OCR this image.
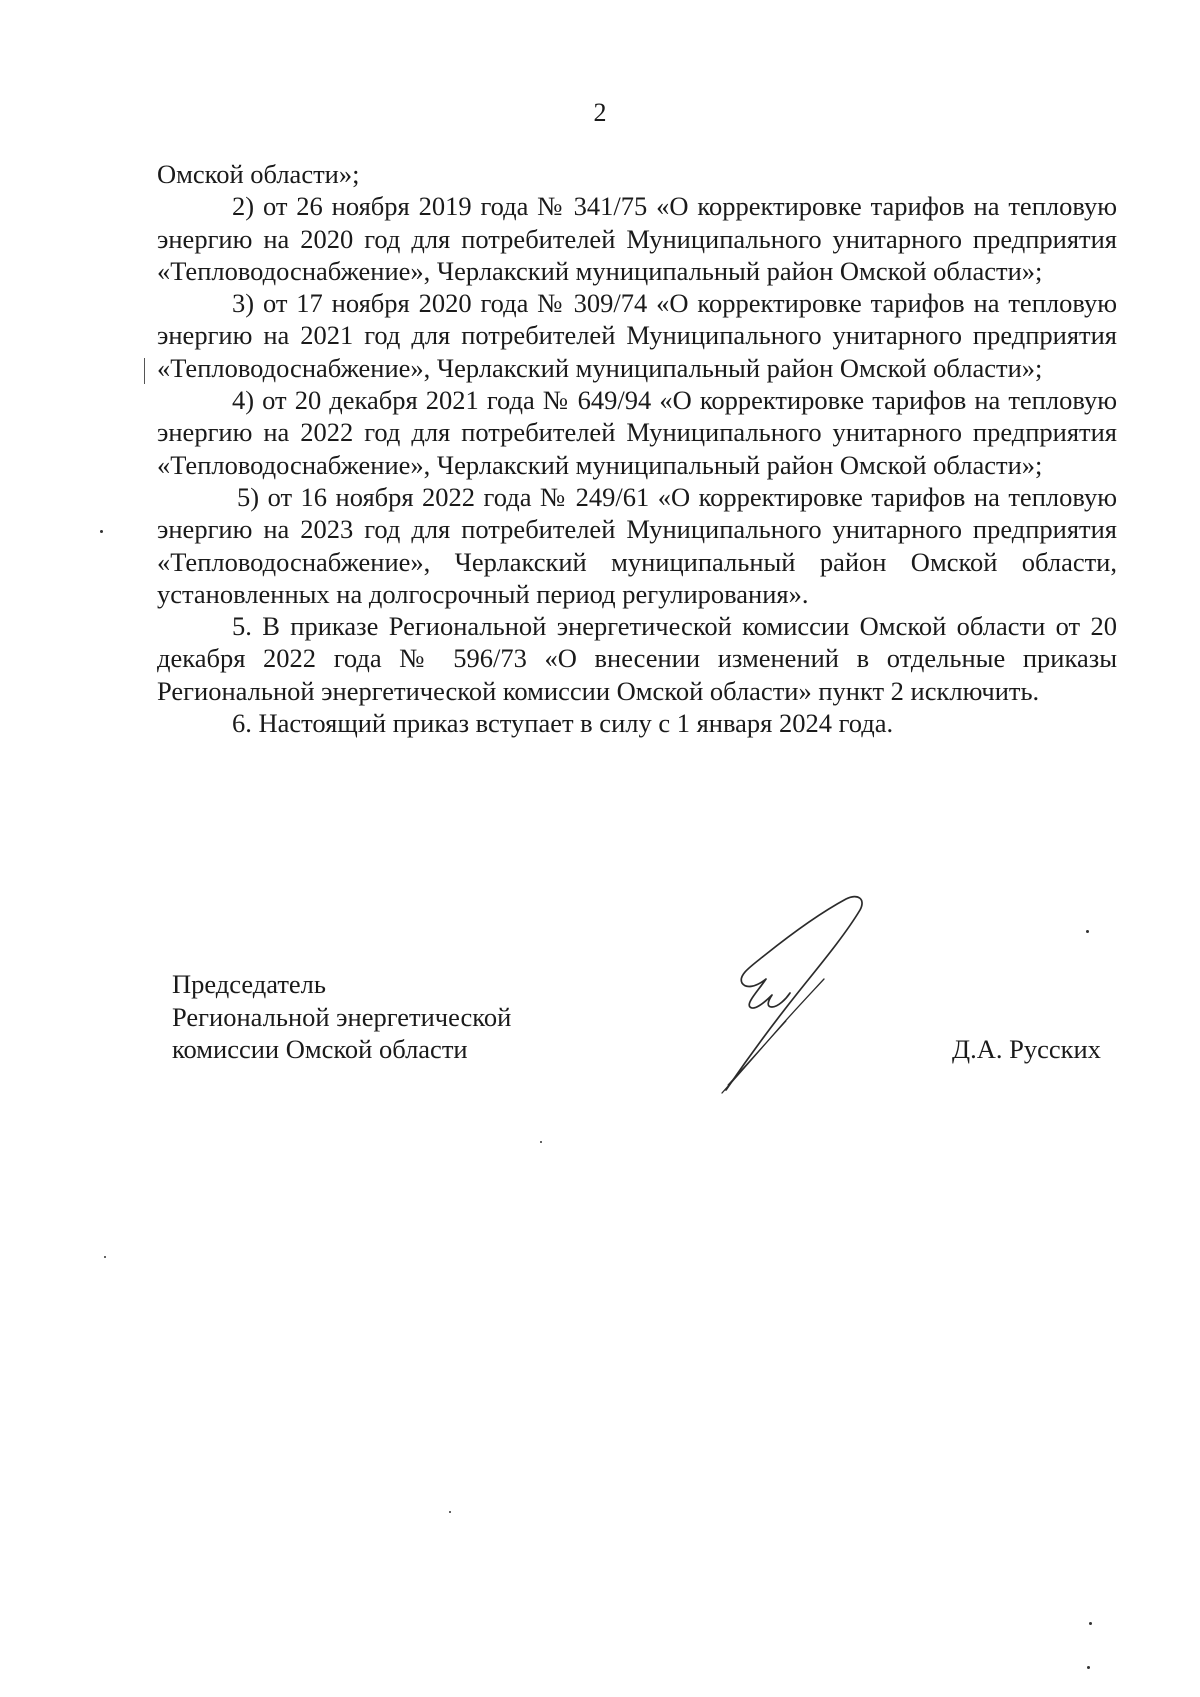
2

Омской области»;

2) от 26 ноября 2019 года № 341/75 «О корректировке тарифов на тепловую энергию на 2020 год для потребителей Муниципального унитарного предприятия «Тепловодоснабжение», Черлакский муниципальный район Омской области»;

3) от 17 ноября 2020 года № 309/74 «О корректировке тарифов на тепловую энергию на 2021 год для потребителей Муниципального унитарного предприятия «Тепловодоснабжение», Черлакский муниципальный район Омской области»;

4) от 20 декабря 2021 года № 649/94 «О корректировке тарифов на тепловую энергию на 2022 год для потребителей Муниципального унитарного предприятия «Тепловодоснабжение», Черлакский муниципальный район Омской области»;

5) от 16 ноября 2022 года № 249/61 «О корректировке тарифов на тепловую энергию на 2023 год для потребителей Муниципального унитарного предприятия «Тепловодоснабжение», Черлакский муниципальный район Омской области, установленных на долгосрочный период регулирования».

5. В приказе Региональной энергетической комиссии Омской области от 20 декабря 2022 года № 596/73 «О внесении изменений в отдельные приказы Региональной энергетической комиссии Омской области» пункт 2 исключить.

6. Настоящий приказ вступает в силу с 1 января 2024 года.

Председатель
Региональной энергетической
комиссии Омской области	Д.А. Русских
